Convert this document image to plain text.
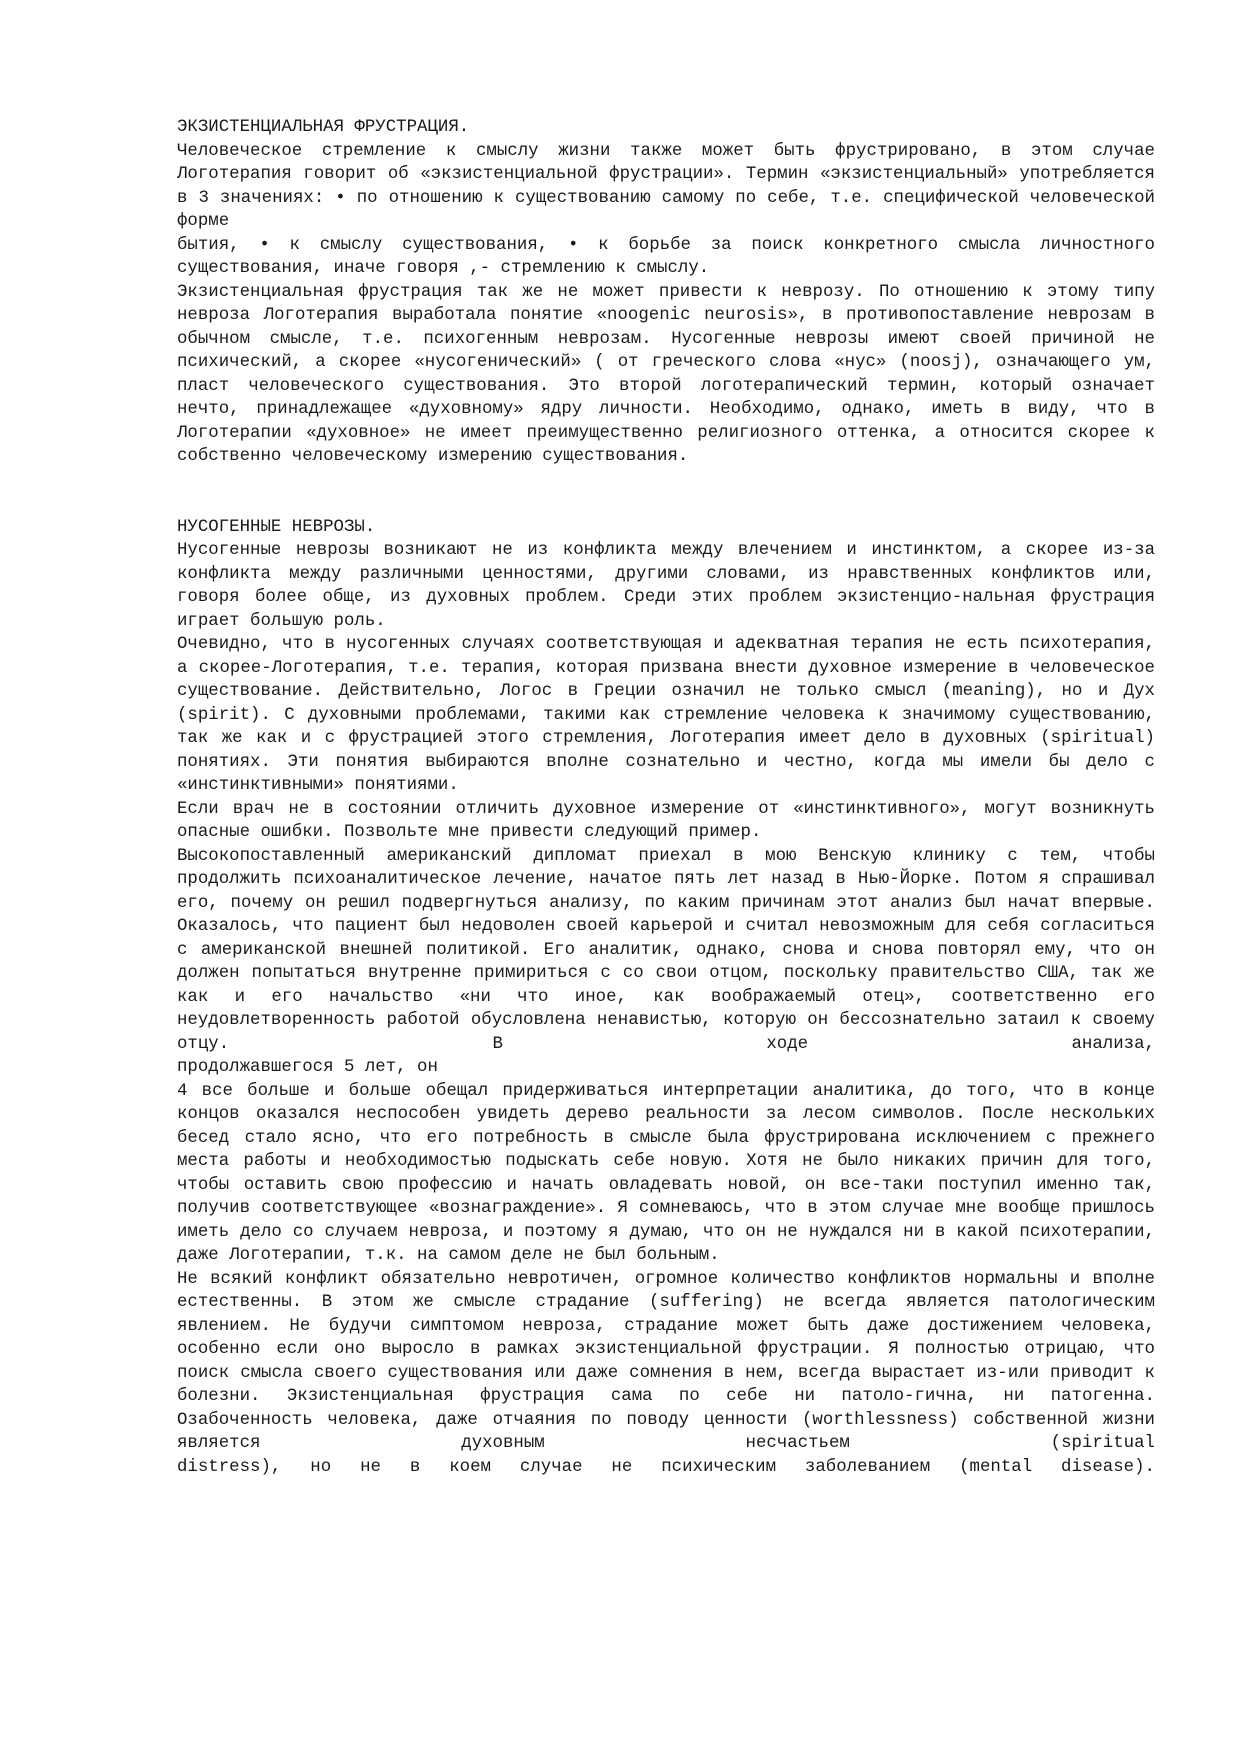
ЭКЗИСТЕНЦИАЛЬНАЯ ФРУСТРАЦИЯ.

Человеческое стремление к смыслу жизни также может быть фрустрировано, в этом случае Логотерапия говорит об «экзистенциальной фрустрации». Термин «экзистенциальный» употребляется в 3 значениях: • по отношению к существованию самому по себе, т.е. специфической человеческой форме

бытия, • к смыслу существования, • к борьбе за поиск конкретного смысла личностного существования, иначе говоря ,- стремлению к смыслу.

Экзистенциальная фрустрация так же не может привести к неврозу. По отношению к этому типу невроза Логотерапия выработала понятие «noogenic neurosis», в противопоставление неврозам в обычном смысле, т.е. психогенным неврозам. Нусогенные неврозы имеют своей причиной не психический, а скорее «нусогенический» ( от греческого слова «нус» (noosj), означающего ум, пласт человеческого существования. Это второй логотерапический термин, который означает нечто, принадлежащее «духовному» ядру личности. Необходимо, однако, иметь в виду, что в Логотерапии «духовное» не имеет преимущественно религиозного оттенка, а относится скорее к собственно человеческому измерению существования.

НУСОГЕННЫЕ НЕВРОЗЫ.

Нусогенные неврозы возникают не из конфликта между влечением и инстинктом, а скорее из-за конфликта между различными ценностями, другими словами, из нравственных конфликтов или, говоря более обще, из духовных проблем. Среди этих проблем экзистенцио-нальная фрустрация играет большую роль.

Очевидно, что в нусогенных случаях соответствующая и адекватная терапия не есть психотерапия, а скорее-Логотерапия, т.е. терапия, которая призвана внести духовное измерение в человеческое существование. Действительно, Логос в Греции означил не только смысл (meaning), но и Дух (spirit). С духовными проблемами, такими как стремление человека к значимому существованию, так же как и с фрустрацией этого стремления, Логотерапия имеет дело в духовных (spiritual) понятиях. Эти понятия выбираются вполне сознательно и честно, когда мы имели бы дело с «инстинктивными» понятиями.

Если врач не в состоянии отличить духовное измерение от «инстинктивного», могут возникнуть опасные ошибки. Позвольте мне привести следующий пример.

Высокопоставленный американский дипломат приехал в мою Венскую клинику с тем, чтобы продолжить психоаналитическое лечение, начатое пять лет назад в Нью-Йорке. Потом я спрашивал его, почему он решил подвергнуться анализу, по каким причинам этот анализ был начат впервые. Оказалось, что пациент был недоволен своей карьерой и считал невозможным для себя согласиться с американской внешней политикой. Его аналитик, однако, снова и снова повторял ему, что он должен попытаться внутренне примириться с со свои отцом, поскольку правительство США, так же как и его начальство «ни что иное, как воображаемый отец», соответственно его неудовлетворенность работой обусловлена ненавистью, которую он бессознательно затаил к своему отцу. В ходе анализа,

продолжавшегося 5 лет, он

4 все больше и больше обещал придерживаться интерпретации аналитика, до того, что в конце концов оказался неспособен увидеть дерево реальности за лесом символов. После нескольких бесед стало ясно, что его потребность в смысле была фрустрирована исключением с прежнего места работы и необходимостью подыскать себе новую. Хотя не было никаких причин для того, чтобы оставить свою профессию и начать овладевать новой, он все-таки поступил именно так, получив соответствующее «вознаграждение». Я сомневаюсь, что в этом случае мне вообще пришлось иметь дело со случаем невроза, и поэтому я думаю, что он не нуждался ни в какой психотерапии, даже Логотерапии, т.к. на самом деле не был больным.

Не всякий конфликт обязательно невротичен, огромное количество конфликтов нормальны и вполне естественны. В этом же смысле страдание (suffering) не всегда является патологическим явлением. Не будучи симптомом невроза, страдание может быть даже достижением человека, особенно если оно выросло в рамках экзистенциальной фрустрации. Я полностью отрицаю, что поиск смысла своего существования или даже сомнения в нем, всегда вырастает из-или приводит к болезни. Экзистенциальная фрустрация сама по себе ни патоло-гична, ни патогенна. Озабоченность человека, даже отчаяния по поводу ценности (worthlessness) собственной жизни является духовным несчастьем (spiritual

distress), но не в коем случае не психическим заболеванием (mental disease).
